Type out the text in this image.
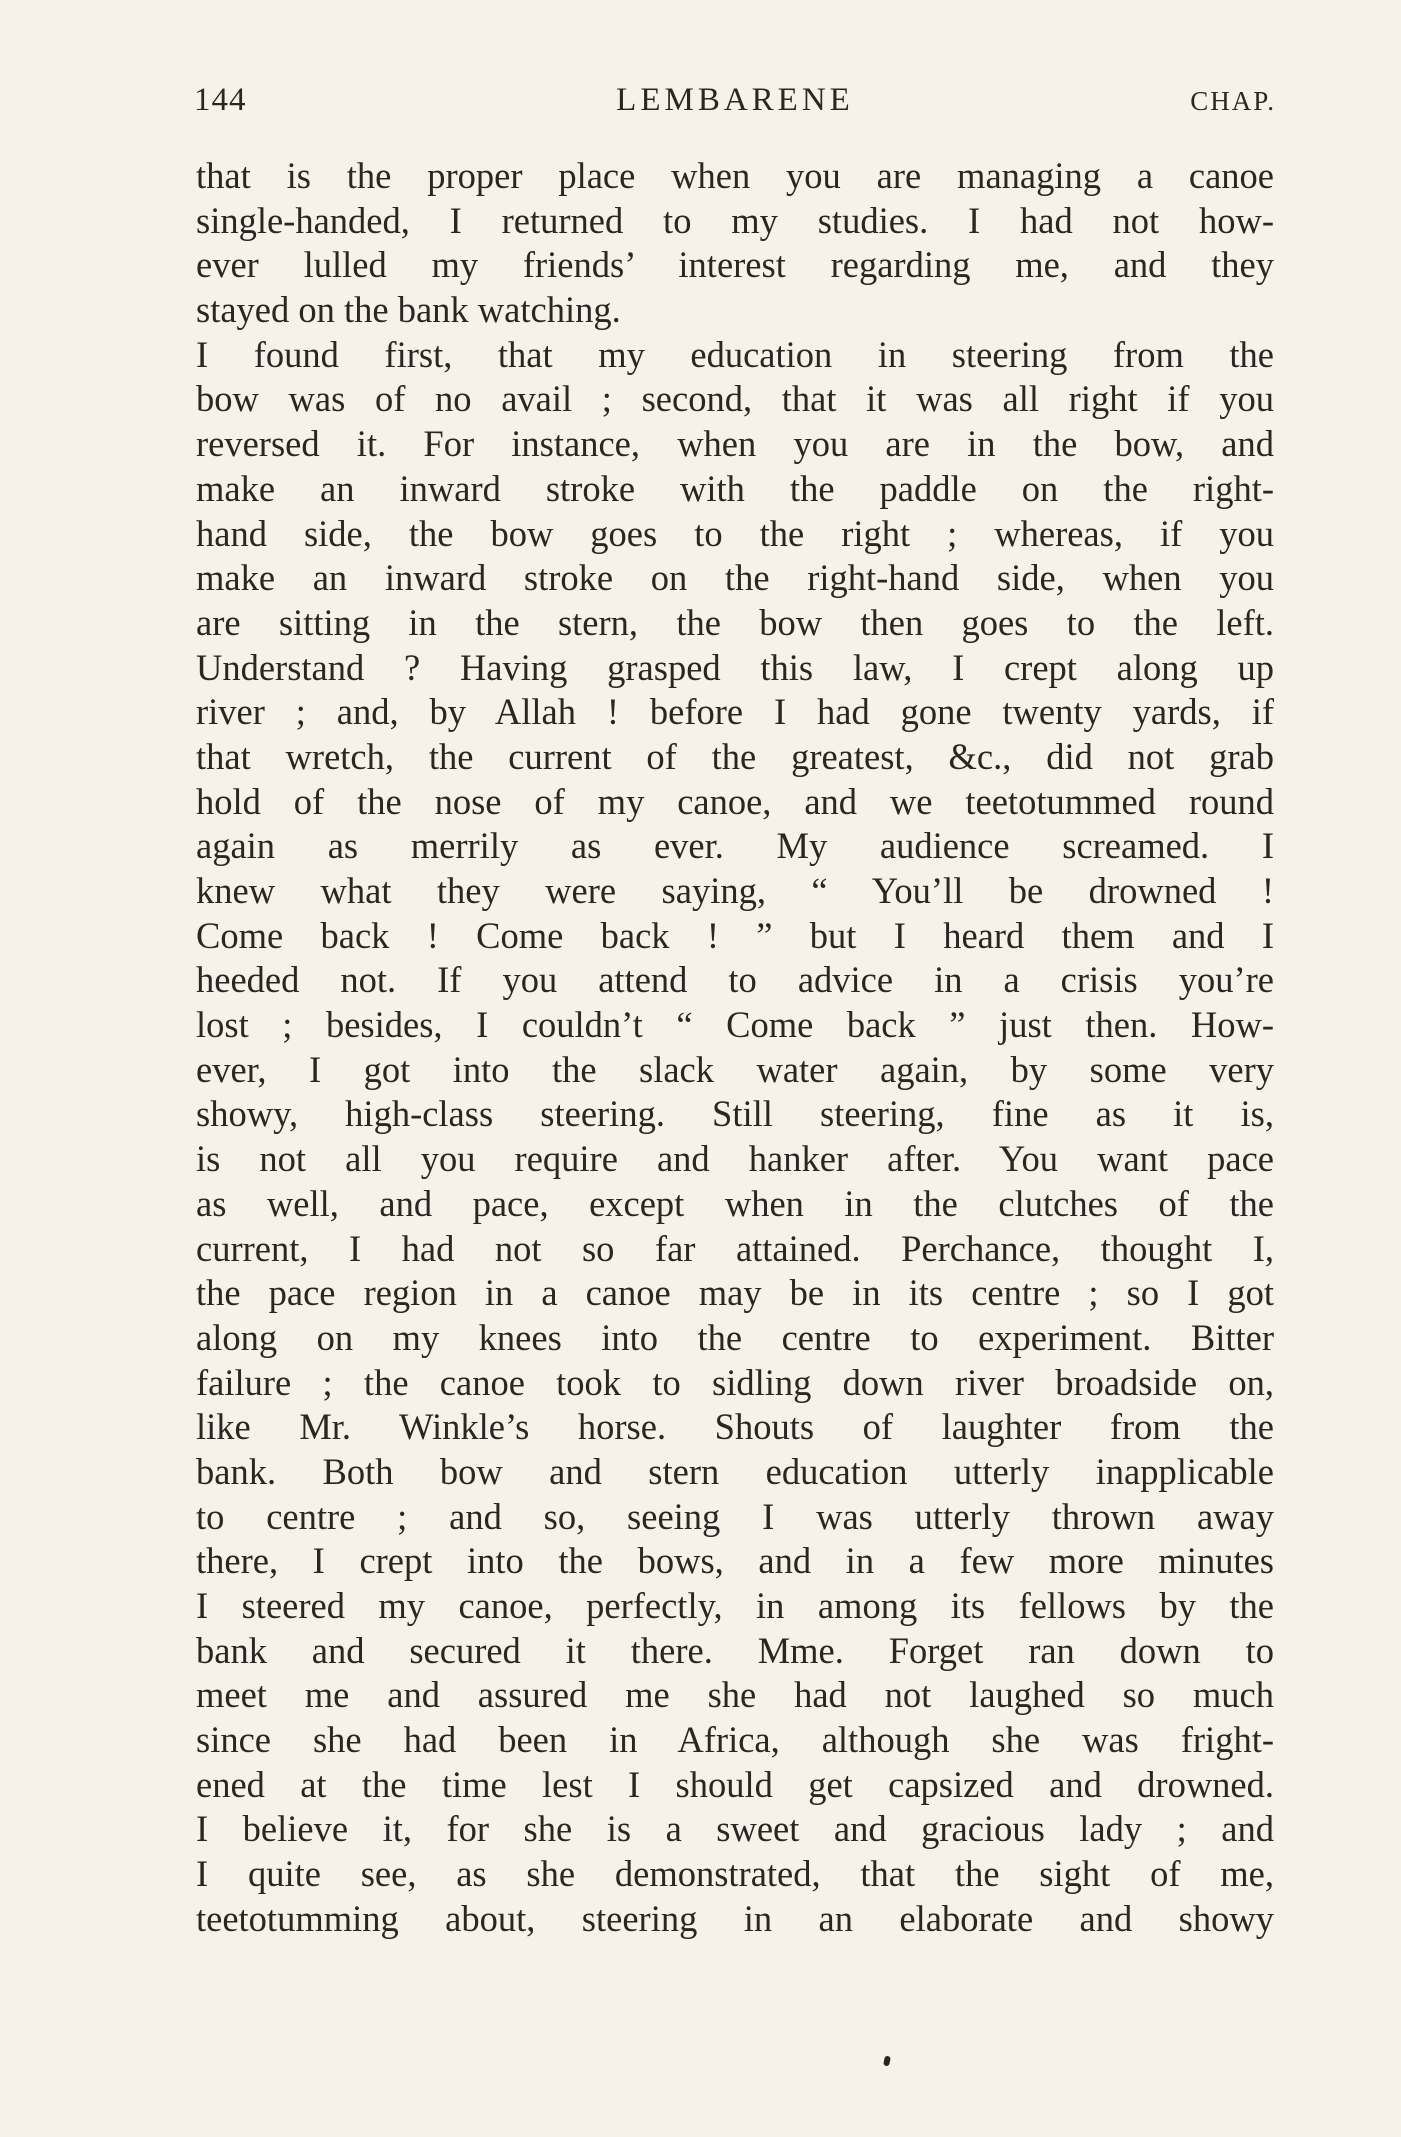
144	LEMBARENE	CHAP.
that is the proper place when you are managing a canoe
single-handed, I returned to my studies. I had not how-
ever lulled my friends’ interest regarding me, and they
stayed on the bank watching.
I found first, that my education in steering from the
bow was of no avail ; second, that it was all right if you
reversed it. For instance, when you are in the bow, and
make an inward stroke with the paddle on the right-
hand side, the bow goes to the right ; whereas, if you
make an inward stroke on the right-hand side, when you
are sitting in the stern, the bow then goes to the left.
Understand ? Having grasped this law, I crept along up
river ; and, by Allah ! before I had gone twenty yards, if
that wretch, the current of the greatest, &c., did not grab
hold of the nose of my canoe, and we teetotummed round
again as merrily as ever. My audience screamed. I
knew what they were saying, “ You’ll be drowned !
Come back ! Come back ! ” but I heard them and I
heeded not. If you attend to advice in a crisis you’re
lost ; besides, I couldn’t “ Come back ” just then. How-
ever, I got into the slack water again, by some very
showy, high-class steering. Still steering, fine as it is,
is not all you require and hanker after. You want pace
as well, and pace, except when in the clutches of the
current, I had not so far attained. Perchance, thought I,
the pace region in a canoe may be in its centre ; so I got
along on my knees into the centre to experiment. Bitter
failure ; the canoe took to sidling down river broadside on,
like Mr. Winkle’s horse. Shouts of laughter from the
bank. Both bow and stern education utterly inapplicable
to centre ; and so, seeing I was utterly thrown away
there, I crept into the bows, and in a few more minutes
I steered my canoe, perfectly, in among its fellows by the
bank and secured it there. Mme. Forget ran down to
meet me and assured me she had not laughed so much
since she had been in Africa, although she was fright-
ened at the time lest I should get capsized and drowned.
I believe it, for she is a sweet and gracious lady ; and
I quite see, as she demonstrated, that the sight of me,
teetotumming about, steering in an elaborate and showy
